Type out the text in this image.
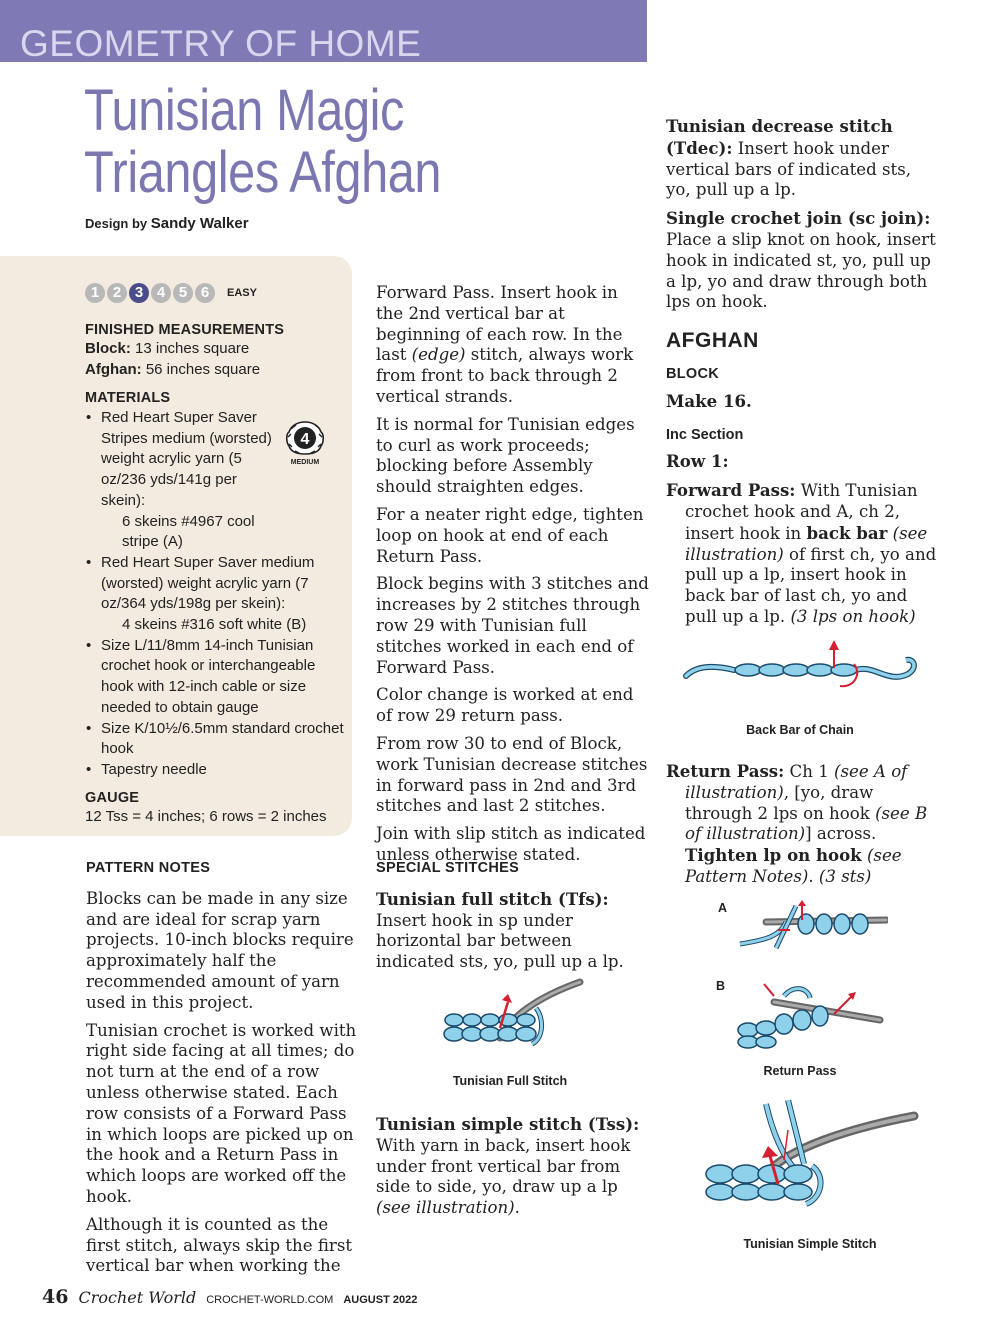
GEOMETRY OF HOME
Tunisian Magic
Triangles Afghan
Design by Sandy Walker
1 2 3 4 5 6	EASY
FINISHED MEASUREMENTS
Block: 13 inches square
Afghan: 56 inches square
MATERIALS
• Red Heart Super Saver Stripes medium (worsted) weight acrylic yarn (5 oz/236 yds/141g per skein):
6 skeins #4967 cool stripe (A)
• Red Heart Super Saver medium (worsted) weight acrylic yarn (7 oz/364 yds/198g per skein):
4 skeins #316 soft white (B)
• Size L/11/8mm 14-inch Tunisian crochet hook or interchangeable hook with 12-inch cable or size needed to obtain gauge
• Size K/10½/6.5mm standard crochet hook
• Tapestry needle
GAUGE
12 Tss = 4 inches; 6 rows = 2 inches
4
MEDIUM
PATTERN NOTES

Blocks can be made in any size and are ideal for scrap yarn projects. 10-inch blocks require approximately half the recommended amount of yarn used in this project.

Tunisian crochet is worked with right side facing at all times; do not turn at the end of a row unless otherwise stated. Each row consists of a Forward Pass in which loops are picked up on the hook and a Return Pass in which loops are worked off the hook.

Although it is counted as the first stitch, always skip the first vertical bar when working the

Forward Pass. Insert hook in the 2nd vertical bar at beginning of each row. In the last (edge) stitch, always work from front to back through 2 vertical strands.

It is normal for Tunisian edges to curl as work proceeds; blocking before Assembly should straighten edges.

For a neater right edge, tighten loop on hook at end of each Return Pass.

Block begins with 3 stitches and increases by 2 stitches through row 29 with Tunisian full stitches worked in each end of Forward Pass.

Color change is worked at end of row 29 return pass.

From row 30 to end of Block, work Tunisian decrease stitches in forward pass in 2nd and 3rd stitches and last 2 stitches.

Join with slip stitch as indicated unless otherwise stated.

SPECIAL STITCHES

Tunisian full stitch (Tfs): Insert hook in sp under horizontal bar between indicated sts, yo, pull up a lp.

Tunisian Full Stitch

Tunisian simple stitch (Tss): With yarn in back, insert hook under front vertical bar from side to side, yo, draw up a lp (see illustration).

Tunisian decrease stitch (Tdec): Insert hook under vertical bars of indicated sts, yo, pull up a lp.

Single crochet join (sc join): Place a slip knot on hook, insert hook in indicated st, yo, pull up a lp, yo and draw through both lps on hook.

AFGHAN
BLOCK

Make 16.

Inc Section

Row 1:

Forward Pass: With Tunisian crochet hook and A, ch 2, insert hook in back bar (see illustration) of first ch, yo and pull up a lp, insert hook in back bar of last ch, yo and pull up a lp. (3 lps on hook)

Back Bar of Chain

Return Pass: Ch 1 (see A of illustration), [yo, draw through 2 lps on hook (see B of illustration)] across. Tighten lp on hook (see Pattern Notes). (3 sts)

A
B
Return Pass
Tunisian Simple Stitch
46 Crochet World CROCHET-WORLD.COM AUGUST 2022
